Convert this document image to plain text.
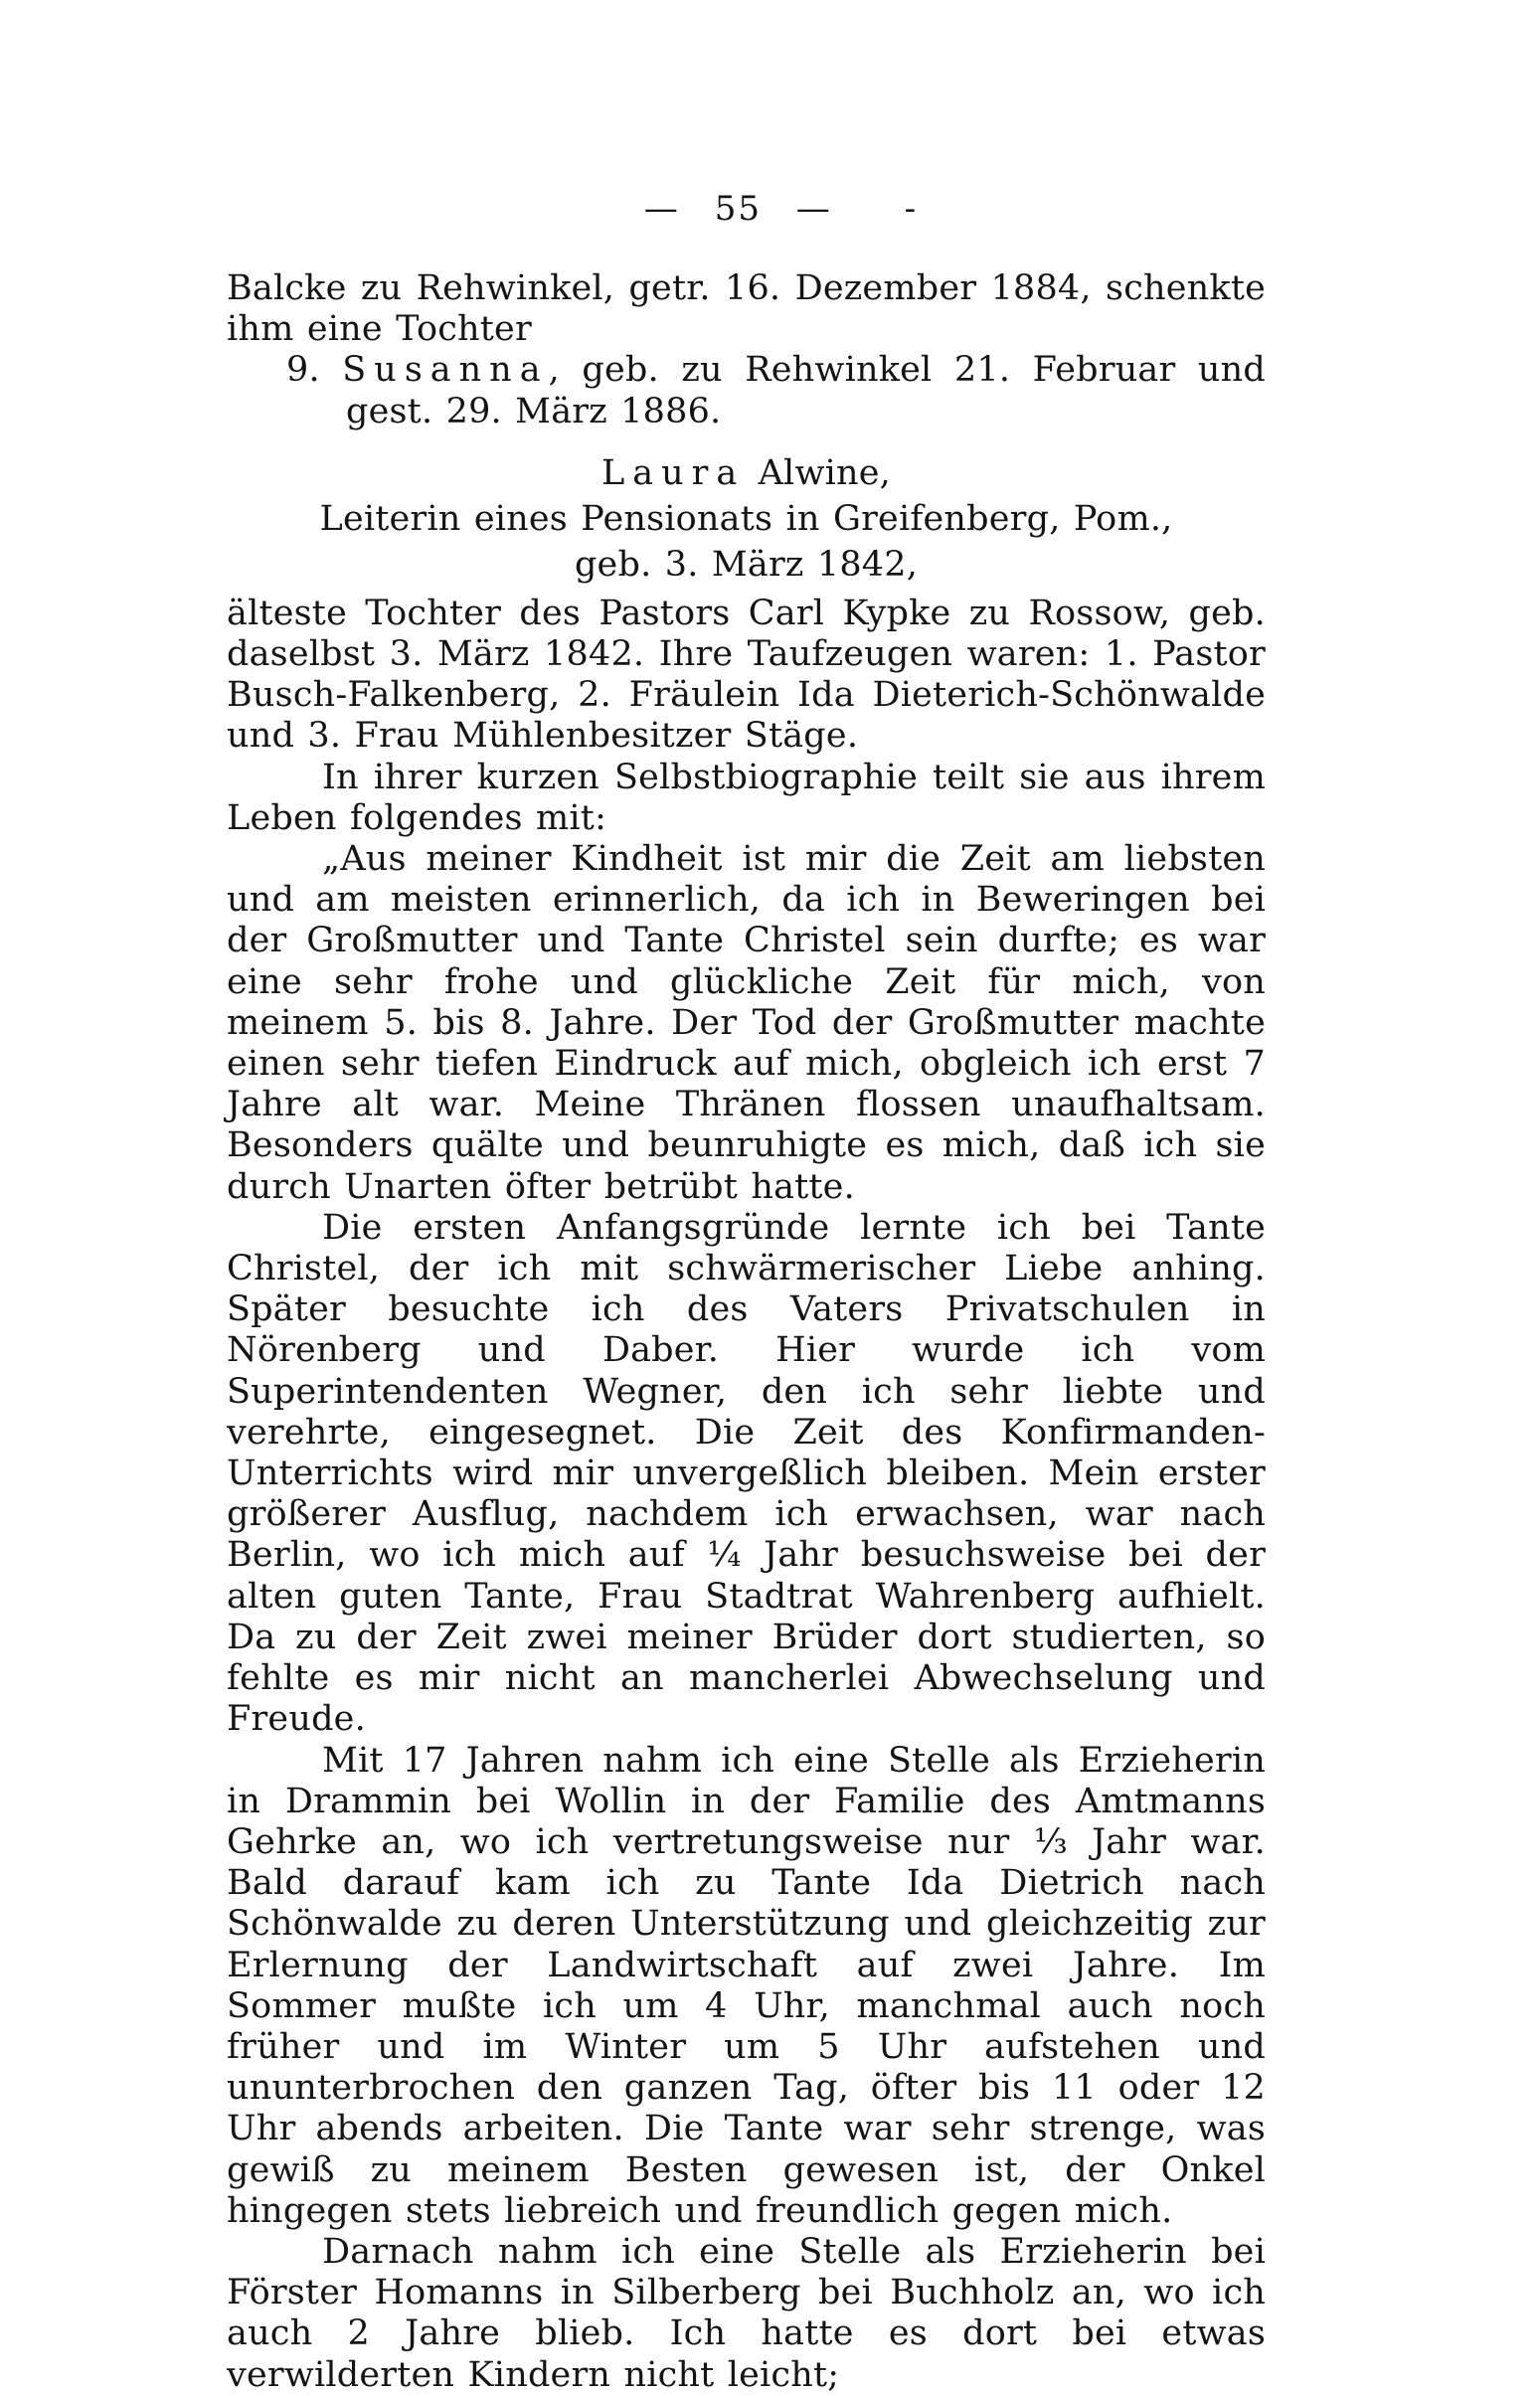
— 55 — -

Balcke zu Rehwinkel, getr. 16. Dezember 1884, schenkte ihm eine Tochter

9. Susanna, geb. zu Rehwinkel 21. Februar und gest. 29. März 1886.

Laura Alwine,
Leiterin eines Pensionats in Greifenberg, Pom.,
geb. 3. März 1842,

älteste Tochter des Pastors Carl Kypke zu Rossow, geb. daselbst 3. März 1842. Ihre Taufzeugen waren: 1. Pastor Busch-Falkenberg, 2. Fräulein Ida Dieterich-Schönwalde und 3. Frau Mühlenbesitzer Stäge.

In ihrer kurzen Selbstbiographie teilt sie aus ihrem Leben folgendes mit:

„Aus meiner Kindheit ist mir die Zeit am liebsten und am meisten erinnerlich, da ich in Beweringen bei der Großmutter und Tante Christel sein durfte; es war eine sehr frohe und glückliche Zeit für mich, von meinem 5. bis 8. Jahre. Der Tod der Großmutter machte einen sehr tiefen Eindruck auf mich, obgleich ich erst 7 Jahre alt war. Meine Thränen flossen unaufhaltsam. Besonders quälte und beunruhigte es mich, daß ich sie durch Unarten öfter betrübt hatte.

Die ersten Anfangsgründe lernte ich bei Tante Christel, der ich mit schwärmerischer Liebe anhing. Später besuchte ich des Vaters Privatschulen in Nörenberg und Daber. Hier wurde ich vom Superintendenten Wegner, den ich sehr liebte und verehrte, eingesegnet. Die Zeit des Konfirmanden-Unterrichts wird mir unvergeßlich bleiben. Mein erster größerer Ausflug, nachdem ich erwachsen, war nach Berlin, wo ich mich auf ¼ Jahr besuchsweise bei der alten guten Tante, Frau Stadtrat Wahrenberg aufhielt. Da zu der Zeit zwei meiner Brüder dort studierten, so fehlte es mir nicht an mancherlei Abwechselung und Freude.

Mit 17 Jahren nahm ich eine Stelle als Erzieherin in Drammin bei Wollin in der Familie des Amtmanns Gehrke an, wo ich vertretungsweise nur ⅓ Jahr war. Bald darauf kam ich zu Tante Ida Dietrich nach Schönwalde zu deren Unterstützung und gleichzeitig zur Erlernung der Landwirtschaft auf zwei Jahre. Im Sommer mußte ich um 4 Uhr, manchmal auch noch früher und im Winter um 5 Uhr aufstehen und ununterbrochen den ganzen Tag, öfter bis 11 oder 12 Uhr abends arbeiten. Die Tante war sehr strenge, was gewiß zu meinem Besten gewesen ist, der Onkel hingegen stets liebreich und freundlich gegen mich.

Darnach nahm ich eine Stelle als Erzieherin bei Förster Homanns in Silberberg bei Buchholz an, wo ich auch 2 Jahre blieb. Ich hatte es dort bei etwas verwilderten Kindern nicht leicht;
